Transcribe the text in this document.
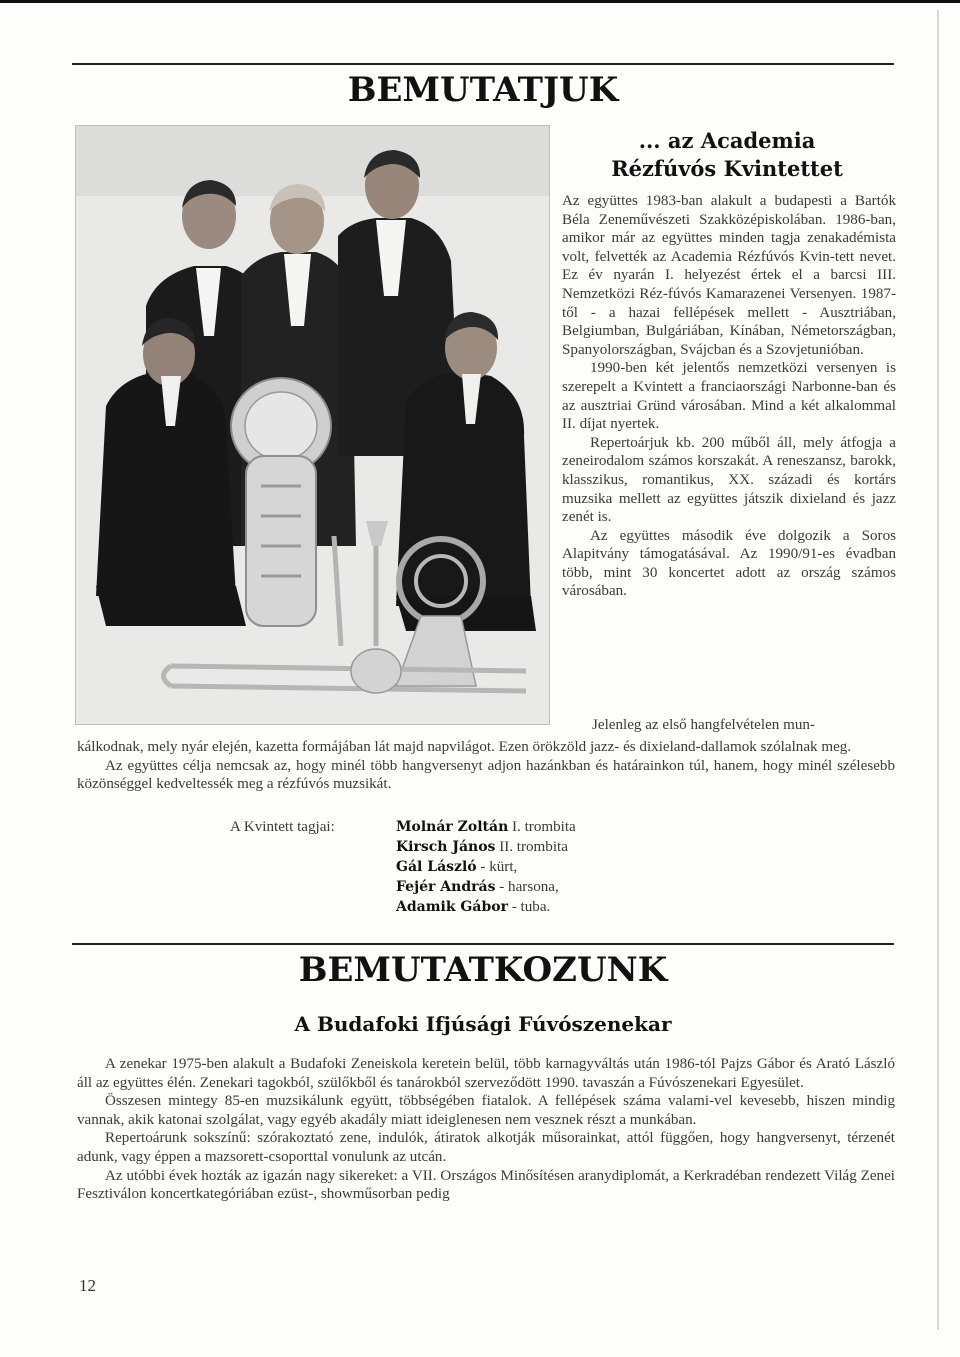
BEMUTATJUK
... az Academia
Rézfúvós Kvintettet

Az együttes 1983-ban alakult a budapesti a Bartók Béla Zeneművészeti Szakközépiskolában. 1986-ban, amikor már az együttes minden tagja zenakadémista volt, felvették az Academia Rézfúvós Kvin-tett nevet. Ez év nyarán I. helyezést értek el a barcsi III. Nemzetközi Réz-fúvós Kamarazenei Versenyen. 1987-től - a hazai fellépések mellett - Ausztriában, Belgiumban, Bulgáriában, Kínában, Németországban, Spanyolországban, Svájcban és a Szovjetunióban.

1990-ben két jelentős nemzetközi versenyen is szerepelt a Kvintett a franciaországi Narbonne-ban és az ausztriai Gründ városában. Mind a két alkalommal II. díjat nyertek.

Repertoárjuk kb. 200 műből áll, mely átfogja a zeneirodalom számos korszakát. A reneszansz, barokk, klasszikus, romantikus, XX. századi és kortárs muzsika mellett az együttes játszik dixieland és jazz zenét is.

Az együttes második éve dolgozik a Soros Alapitvány támogatásával. Az 1990/91-es évadban több, mint 30 koncertet adott az ország számos városában.

Jelenleg az első hangfelvételen mun-

kálkodnak, mely nyár elején, kazetta formájában lát majd napvilágot. Ezen örökzöld jazz- és dixieland-dallamok szólalnak meg.

Az együttes célja nemcsak az, hogy minél több hangversenyt adjon hazánkban és határainkon túl, hanem, hogy minél szélesebb közönséggel kedveltessék meg a rézfúvós muzsikát.

A Kvintett tagjai:	Molnár Zoltán I. trombita
Kirsch János II. trombita
Gál László - kürt,
Fejér András - harsona,
Adamik Gábor - tuba.
BEMUTATKOZUNK
A Budafoki Ifjúsági Fúvószenekar

A zenekar 1975-ben alakult a Budafoki Zeneiskola keretein belül, több karnagyváltás után 1986-tól Pajzs Gábor és Arató László áll az együttes élén. Zenekari tagokból, szülőkből és tanárokból szerveződött 1990. tavaszán a Fúvószenekari Egyesület.

Összesen mintegy 85-en muzsikálunk együtt, többségében fiatalok. A fellépések száma valami-vel kevesebb, hiszen mindig vannak, akik katonai szolgálat, vagy egyéb akadály miatt ideiglenesen nem vesznek részt a munkában.

Repertoárunk sokszínű: szórakoztató zene, indulók, átiratok alkotják műsorainkat, attól függően, hogy hangversenyt, térzenét adunk, vagy éppen a mazsorett-csoporttal vonulunk az utcán.

Az utóbbi évek hozták az igazán nagy sikereket: a VII. Országos Minősítésen aranydiplomát, a Kerkradéban rendezett Világ Zenei Fesztiválon koncertkategóriában ezüst-, showműsorban pedig

12
